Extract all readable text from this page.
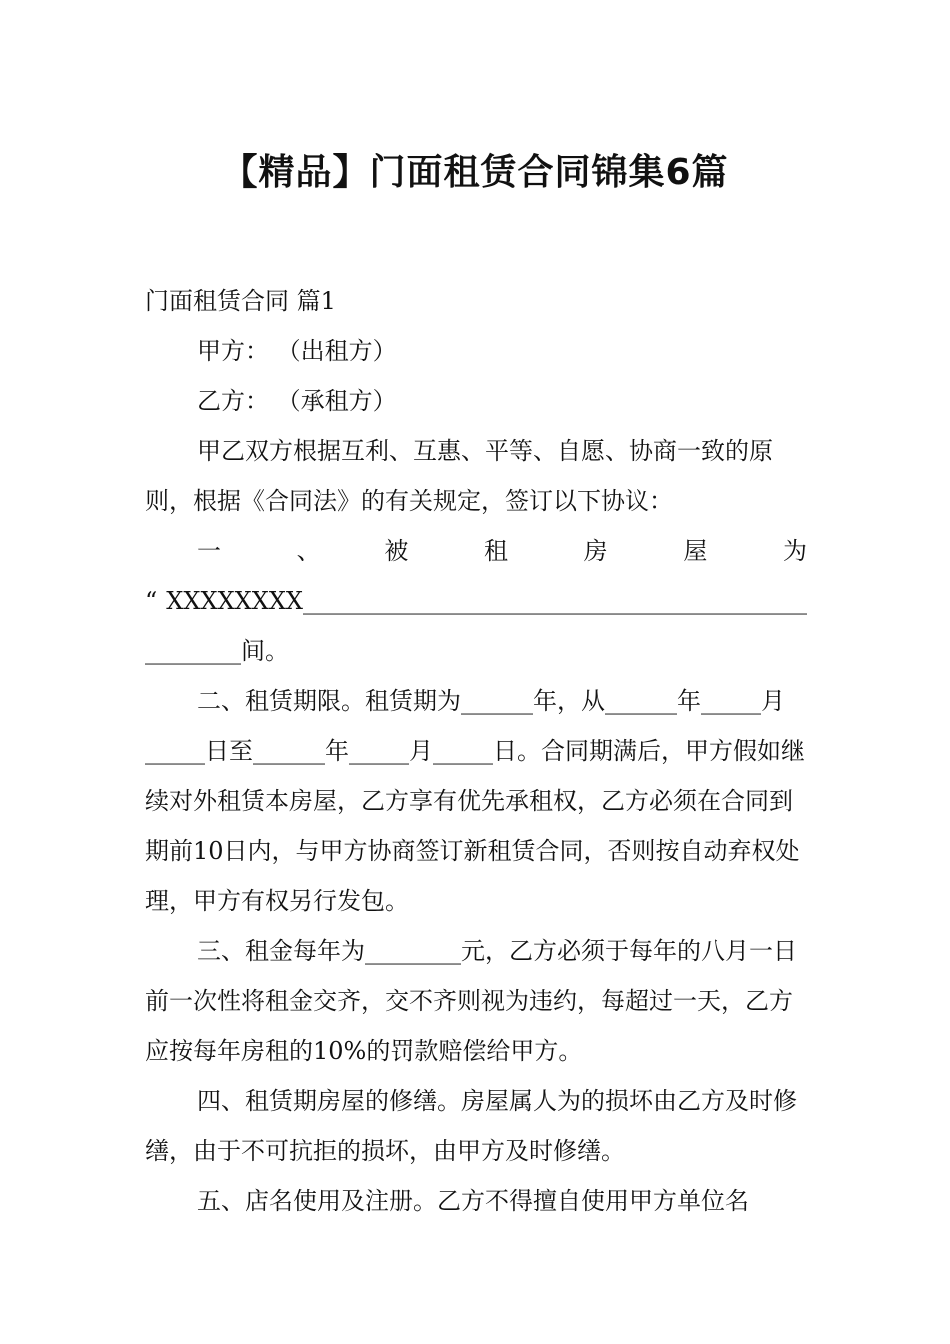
【精品】门面租赁合同锦集6篇

门面租赁合同 篇1

甲方： （出租方）

乙方： （承租方）

甲乙双方根据互利、互惠、平等、自愿、协商一致的原则，根据《合同法》的有关规定，签订以下协议：

一　　、　　被　　租　　房　　屋　　为

“ XXXXXXXX__________________________________________

________间。

二、租赁期限。租赁期为______年，从______年_____月_____日至______年_____月_____日。合同期满后，甲方假如继续对外租赁本房屋，乙方享有优先承租权，乙方必须在合同到期前10日内，与甲方协商签订新租赁合同，否则按自动弃权处理，甲方有权另行发包。

三、租金每年为________元，乙方必须于每年的八月一日前一次性将租金交齐，交不齐则视为违约，每超过一天，乙方应按每年房租的10%的罚款赔偿给甲方。

四、租赁期房屋的修缮。房屋属人为的损坏由乙方及时修缮，由于不可抗拒的损坏，由甲方及时修缮。

五、店名使用及注册。乙方不得擅自使用甲方单位名
